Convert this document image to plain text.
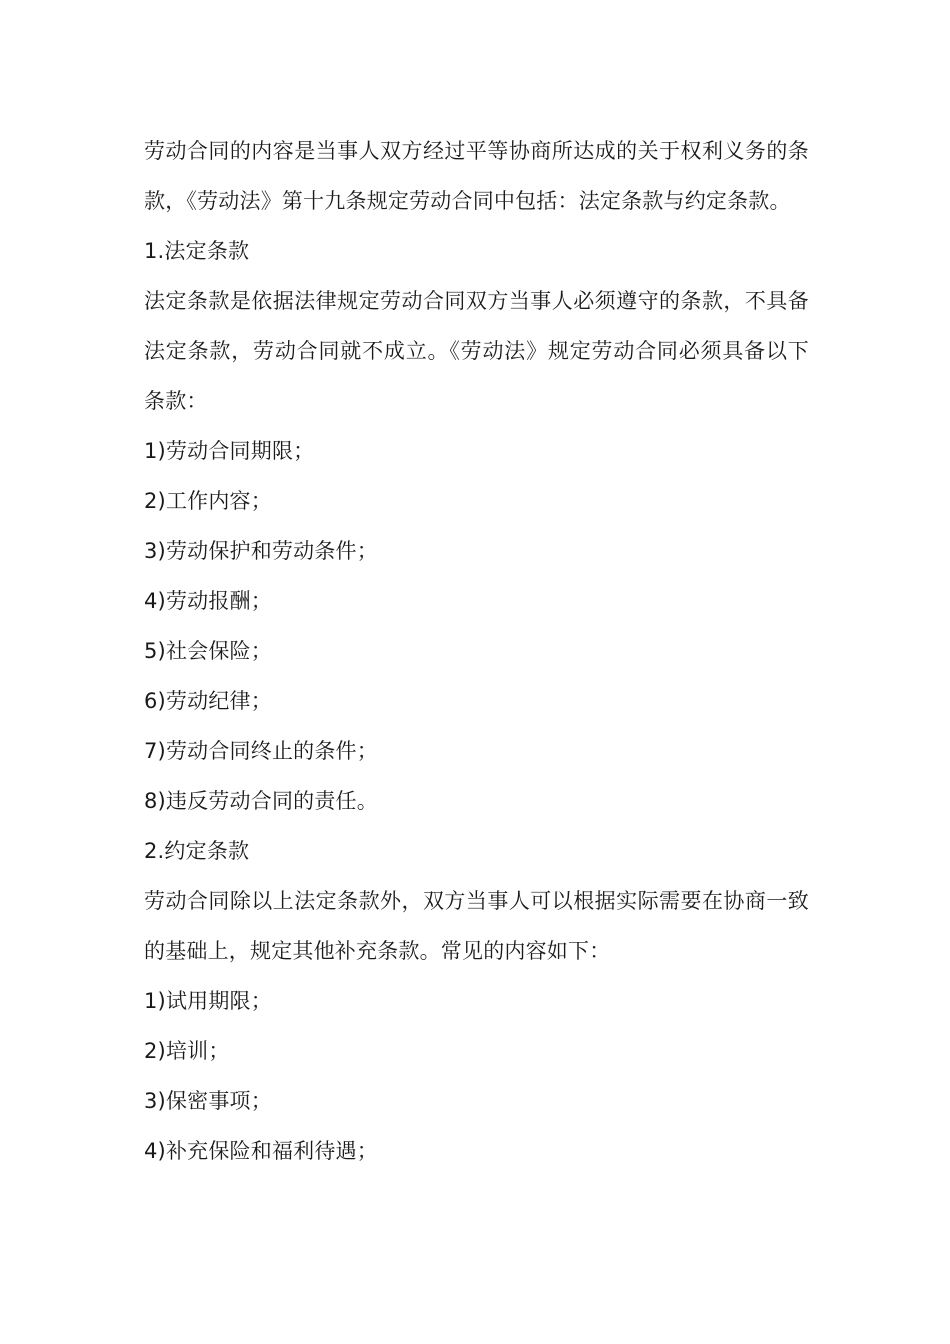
劳动合同的内容是当事人双方经过平等协商所达成的关于权利义务的条款，《劳动法》第十九条规定劳动合同中包括：法定条款与约定条款。

1.法定条款

法定条款是依据法律规定劳动合同双方当事人必须遵守的条款，不具备法定条款，劳动合同就不成立。《劳动法》规定劳动合同必须具备以下条款：

1)劳动合同期限；

2)工作内容；

3)劳动保护和劳动条件；

4)劳动报酬；

5)社会保险；

6)劳动纪律；

7)劳动合同终止的条件；

8)违反劳动合同的责任。

2.约定条款

劳动合同除以上法定条款外，双方当事人可以根据实际需要在协商一致的基础上，规定其他补充条款。常见的内容如下：

1)试用期限；

2)培训；

3)保密事项；

4)补充保险和福利待遇；
